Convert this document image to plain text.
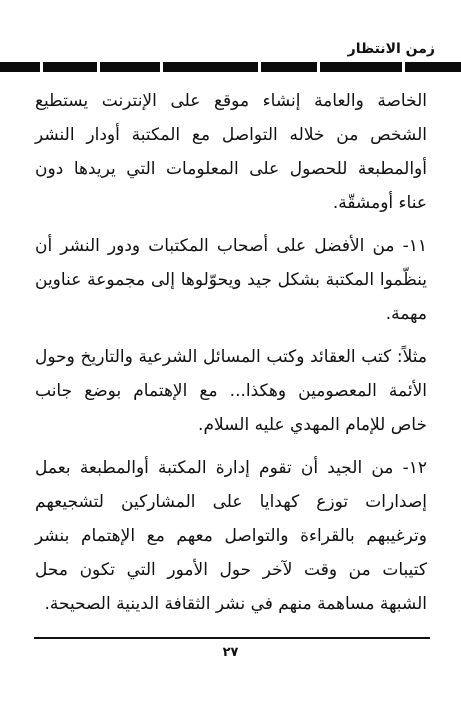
زمن الانتظار

الخاصة والعامة إنشاء موقع على الإنترنت يستطيع الشخص من خلاله التواصل مع المكتبة أودار النشر أوالمطبعة للحصول على المعلومات التي يريدها دون عناء أومشقّة.

١١- من الأفضل على أصحاب المكتبات ودور النشر أن ينظّموا المكتبة بشكل جيد ويحوّلوها إلى مجموعة عناوين مهمة.

مثلاً: كتب العقائد وكتب المسائل الشرعية والتاريخ وحول الأئمة المعصومين وهكذا... مع الإهتمام بوضع جانب خاص للإمام المهدي عليه السلام.

١٢- من الجيد أن تقوم إدارة المكتبة أوالمطبعة بعمل إصدارات توزع كهدايا على المشاركين لتشجيعهم وترغيبهم بالقراءة والتواصل معهم مع الإهتمام بنشر كتيبات من وقت لآخر حول الأمور التي تكون محل الشبهة مساهمة منهم في نشر الثقافة الدينية الصحيحة.

٢٧
